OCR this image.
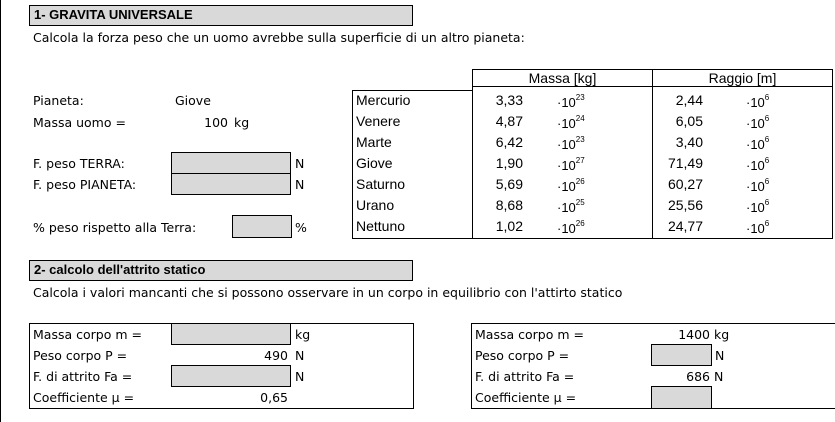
1- GRAVITA UNIVERSALE
Calcola la forza peso che un uomo avrebbe sulla superficie di un altro pianeta:
Pianeta:	Giove
Massa uomo =	100 kg
F. peso TERRA:	N
F. peso PIANETA:	N
% peso rispetto alla Terra:	%
Massa [kg]	Raggio [m]
Mercurio	3,33	$\cdot 10^{23}$	2,44	$\cdot 10^6$
Venere	4,87	$\cdot 10^{24}$	6,05	$\cdot 10^6$
Marte	6,42	$\cdot 10^{23}$	3,40	$\cdot 10^6$
Giove	1,90	$\cdot 10^{27}$	71,49	$\cdot 10^6$
Saturno	5,69	$\cdot 10^{26}$	60,27	$\cdot 10^6$
Urano	8,68	$\cdot 10^{25}$	25,56	$\cdot 10^6$
Nettuno	1,02	$\cdot 10^{26}$	24,77	$\cdot 10^6$
2- calcolo dell'attrito statico
Calcola i valori mancanti che si possono osservare in un corpo in equilibrio con l'attirto statico
Massa corpo m =	kg
Peso corpo P =	490 N
F. di attrito Fa =	N
Coefficiente µ =	0,65
Massa corpo m =	1400 kg
Peso corpo P =	N
F. di attrito Fa =	686 N
Coefficiente µ =
